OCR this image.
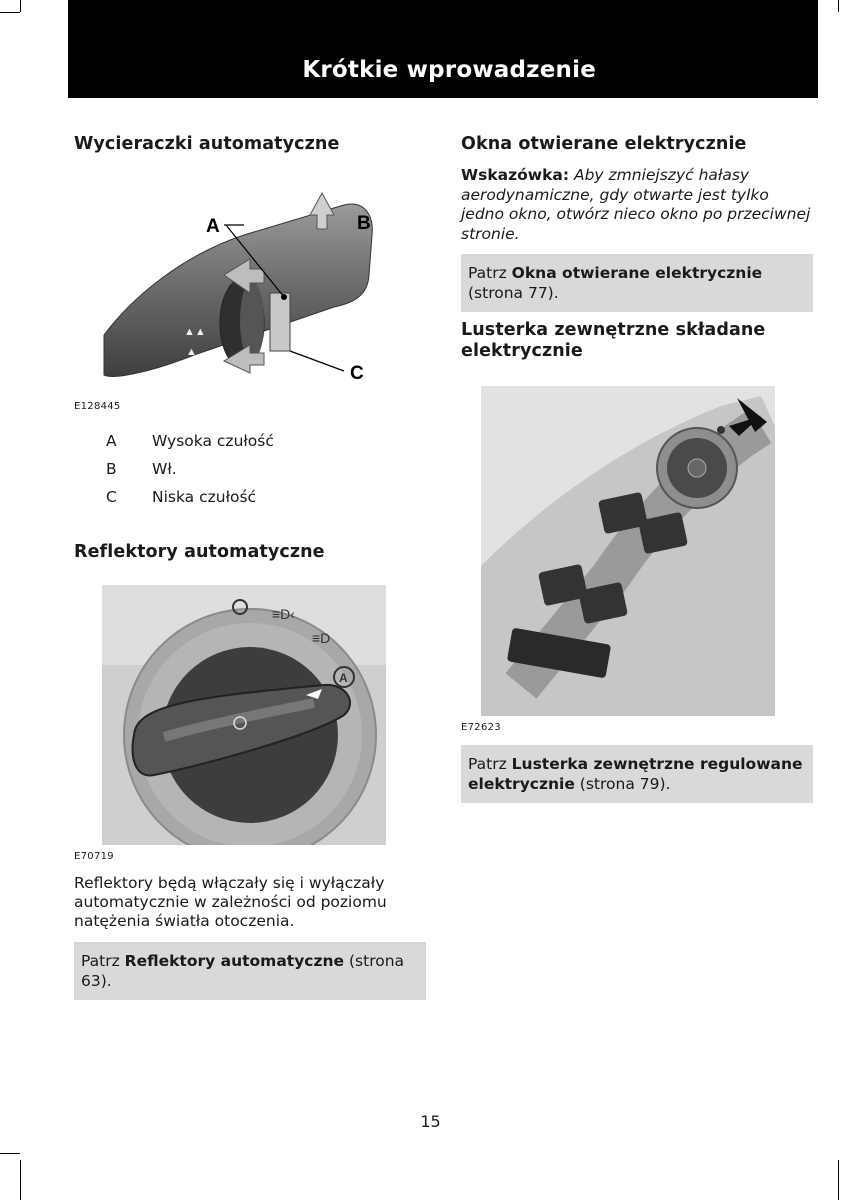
Krótkie wprowadzenie
Wycieraczki automatyczne
▲▲
▲
A	B
C
E128445
A Wysoka czułość
B Wł.
C Niska czułość
Reflektory automatyczne
≡D‹
≡D
A
E70719
Reflektory będą włączały się i wyłączały automatycznie w zależności od poziomu natężenia światła otoczenia.
Patrz Reflektory automatyczne (strona 63).
Okna otwierane elektrycznie
Wskazówka: Aby zmniejszyć hałasy aerodynamiczne, gdy otwarte jest tylko jedno okno, otwórz nieco okno po przeciwnej stronie.
Patrz Okna otwierane elektrycznie (strona 77).
Lusterka zewnętrzne składane elektrycznie
E72623
Patrz Lusterka zewnętrzne regulowane elektrycznie (strona 79).
15
